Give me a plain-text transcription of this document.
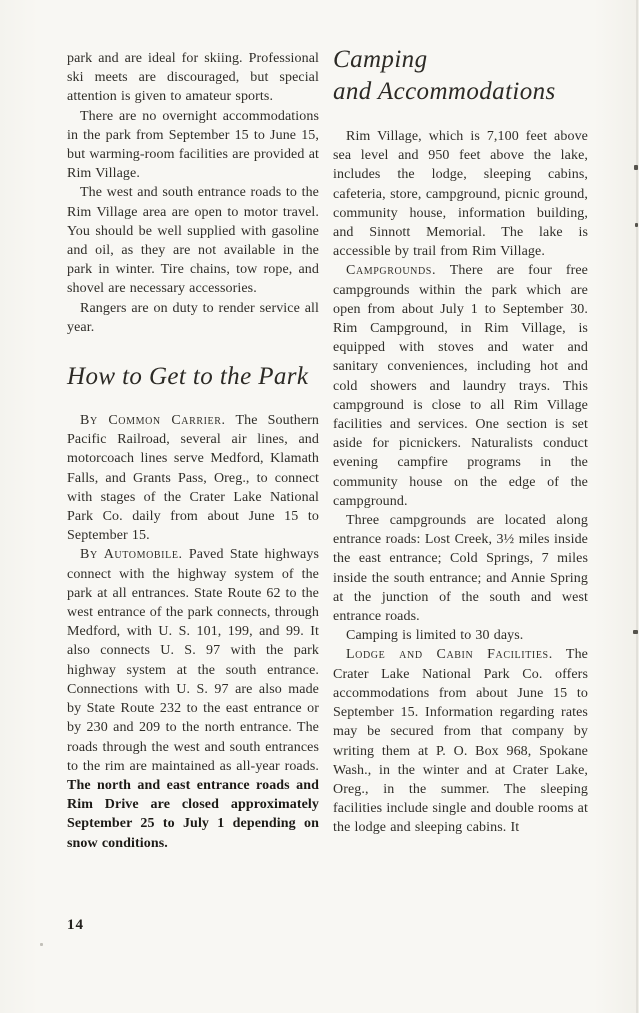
park and are ideal for skiing. Professional ski meets are discouraged, but special attention is given to amateur sports.

There are no overnight accommodations in the park from September 15 to June 15, but warming-room facilities are provided at Rim Village.

The west and south entrance roads to the Rim Village area are open to motor travel. You should be well supplied with gasoline and oil, as they are not available in the park in winter. Tire chains, tow rope, and shovel are necessary accessories.

Rangers are on duty to render service all year.

How to Get to the Park

By Common Carrier. The Southern Pacific Railroad, several air lines, and motorcoach lines serve Medford, Klamath Falls, and Grants Pass, Oreg., to connect with stages of the Crater Lake National Park Co. daily from about June 15 to September 15.

By Automobile. Paved State highways connect with the highway system of the park at all entrances. State Route 62 to the west entrance of the park connects, through Medford, with U. S. 101, 199, and 99. It also connects U. S. 97 with the park highway system at the south entrance. Connections with U. S. 97 are also made by State Route 232 to the east entrance or by 230 and 209 to the north entrance. The roads through the west and south entrances to the rim are maintained as all-year roads. The north and east entrance roads and Rim Drive are closed approximately September 25 to July 1 depending on snow conditions.

Camping
and Accommodations

Rim Village, which is 7,100 feet above sea level and 950 feet above the lake, includes the lodge, sleeping cabins, cafeteria, store, campground, picnic ground, community house, information building, and Sinnott Memorial. The lake is accessible by trail from Rim Village.

Campgrounds. There are four free campgrounds within the park which are open from about July 1 to September 30. Rim Campground, in Rim Village, is equipped with stoves and water and sanitary conveniences, including hot and cold showers and laundry trays. This campground is close to all Rim Village facilities and services. One section is set aside for picnickers. Naturalists conduct evening campfire programs in the community house on the edge of the campground.

Three campgrounds are located along entrance roads: Lost Creek, 3½ miles inside the east entrance; Cold Springs, 7 miles inside the south entrance; and Annie Spring at the junction of the south and west entrance roads.

Camping is limited to 30 days.

Lodge and Cabin Facilities. The Crater Lake National Park Co. offers accommodations from about June 15 to September 15. Information regarding rates may be secured from that company by writing them at P. O. Box 968, Spokane Wash., in the winter and at Crater Lake, Oreg., in the summer. The sleeping facilities include single and double rooms at the lodge and sleeping cabins. It

14
